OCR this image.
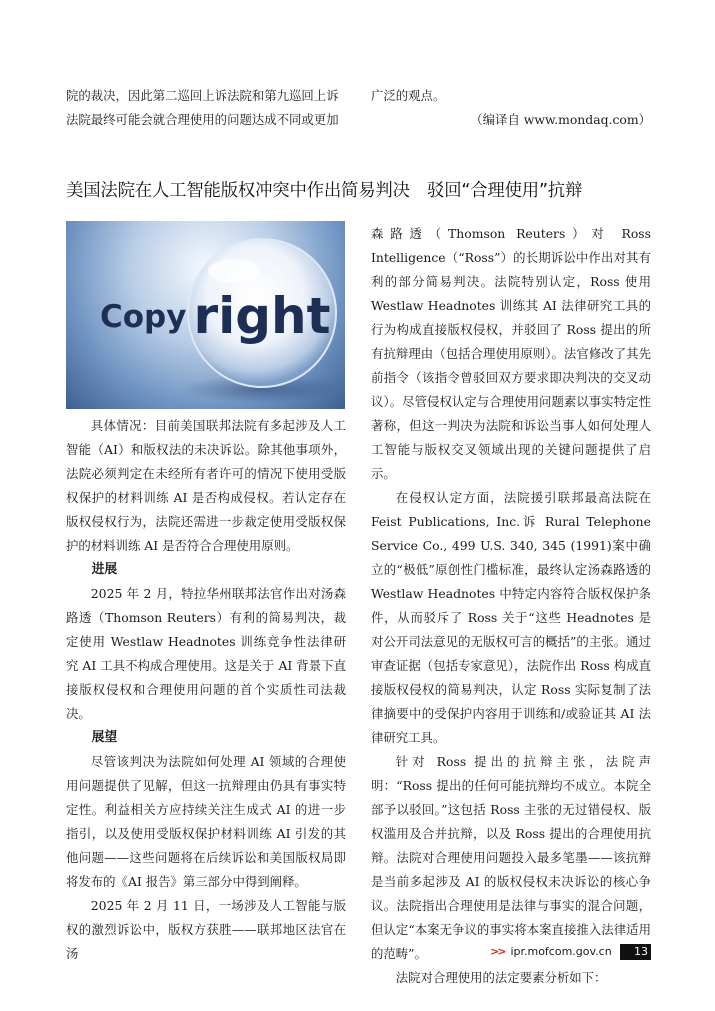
院的裁决，因此第二巡回上诉法院和第九巡回上诉

法院最终可能会就合理使用的问题达成不同或更加

广泛的观点。

（编译自 www.mondaq.com）
美国法院在人工智能版权冲突中作出简易判决　驳回“合理使用”抗辩
Copy right

具体情况：目前美国联邦法院有多起涉及人工智能（AI）和版权法的未决诉讼。除其他事项外，法院必须判定在未经所有者许可的情况下使用受版权保护的材料训练 AI 是否构成侵权。若认定存在版权侵权行为，法院还需进一步裁定使用受版权保护的材料训练 AI 是否符合合理使用原则。

进展

2025 年 2 月，特拉华州联邦法官作出对汤森路透（Thomson Reuters）有利的简易判决，裁定使用 Westlaw Headnotes 训练竞争性法律研究 AI 工具不构成合理使用。这是关于 AI 背景下直接版权侵权和合理使用问题的首个实质性司法裁决。

展望

尽管该判决为法院如何处理 AI 领域的合理使用问题提供了见解，但这一抗辩理由仍具有事实特定性。利益相关方应持续关注生成式 AI 的进一步指引，以及使用受版权保护材料训练 AI 引发的其他问题——这些问题将在后续诉讼和美国版权局即将发布的《AI 报告》第三部分中得到阐释。

2025 年 2 月 11 日，一场涉及人工智能与版权的激烈诉讼中，版权方获胜——联邦地区法官在汤

森路透（Thomson Reuters）对 Ross Intelligence（“Ross”）的长期诉讼中作出对其有利的部分简易判决。法院特别认定，Ross 使用 Westlaw Headnotes 训练其 AI 法律研究工具的行为构成直接版权侵权，并驳回了 Ross 提出的所有抗辩理由（包括合理使用原则）。法官修改了其先前指令（该指令曾驳回双方要求即决判决的交叉动议）。尽管侵权认定与合理使用问题素以事实特定性著称，但这一判决为法院和诉讼当事人如何处理人工智能与版权交叉领域出现的关键问题提供了启示。

在侵权认定方面，法院援引联邦最高法院在 Feist Publications, Inc.诉 Rural Telephone Service Co., 499 U.S. 340, 345 (1991)案中确立的“极低”原创性门槛标准，最终认定汤森路透的 Westlaw Headnotes 中特定内容符合版权保护条件，从而驳斥了 Ross 关于“这些 Headnotes 是对公开司法意见的无版权可言的概括”的主张。通过审查证据（包括专家意见），法院作出 Ross 构成直接版权侵权的简易判决，认定 Ross 实际复制了法律摘要中的受保护内容用于训练和/或验证其 AI 法律研究工具。

针对 Ross 提出的抗辩主张，法院声明：“Ross 提出的任何可能抗辩均不成立。本院全部予以驳回。”这包括 Ross 主张的无过错侵权、版权滥用及合并抗辩，以及 Ross 提出的合理使用抗辩。法院对合理使用问题投入最多笔墨——该抗辩是当前多起涉及 AI 的版权侵权未决诉讼的核心争议。法院指出合理使用是法律与事实的混合问题，但认定“本案无争议的事实将本案直接推入法律适用的范畴”。

法院对合理使用的法定要素分析如下：

>> ipr.mofcom.gov.cn	13
